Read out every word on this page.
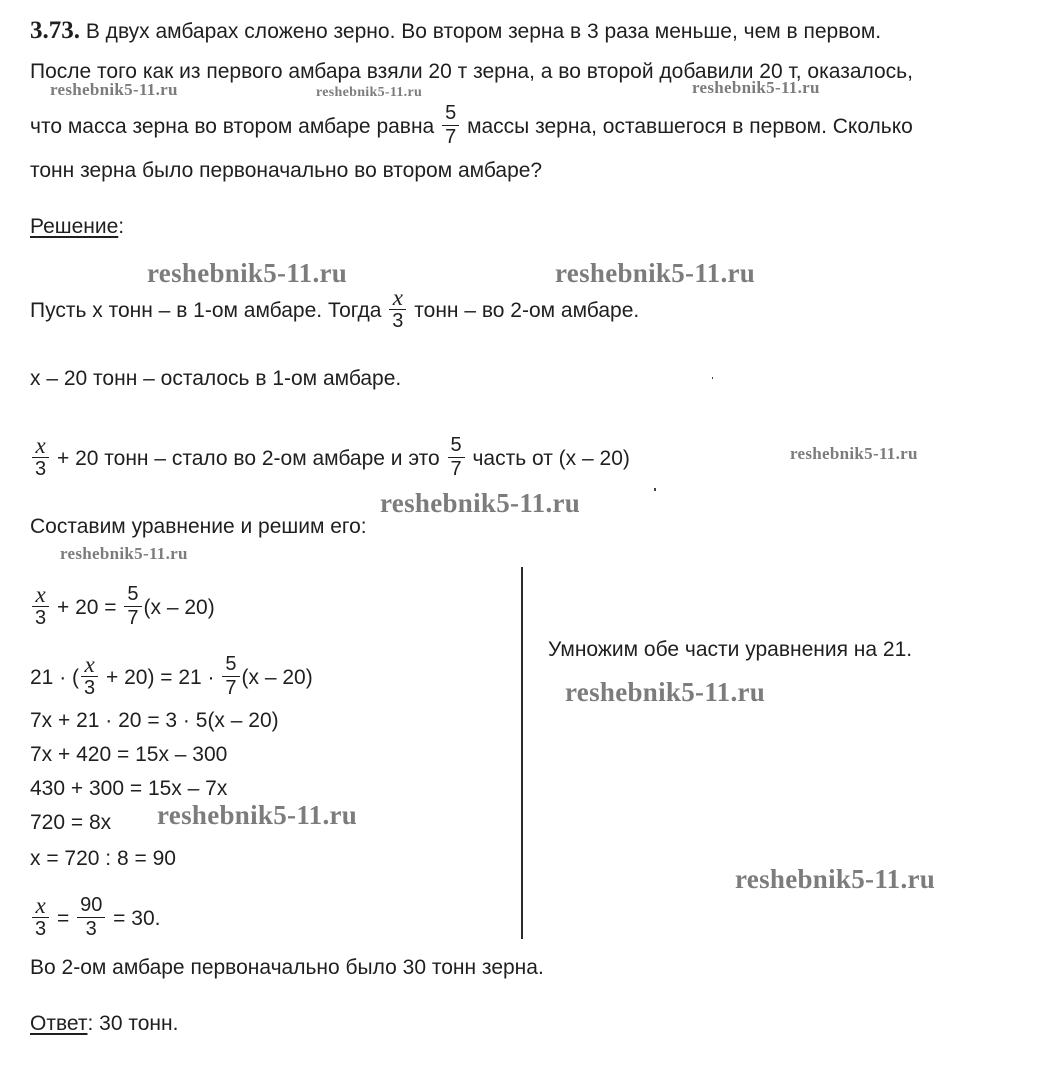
3.73. В двух амбарах сложено зерно. Во втором зерна в 3 раза меньше, чем в первом.
После того как из первого амбара взяли 20 т зерна, а во второй добавили 20 т, оказалось,
что масса зерна во втором амбаре равна $\frac{5}{7}$ массы зерна, оставшегося в первом. Сколько
тонн зерна было первоначально во втором амбаре?
Решение:
Пусть x тонн – в 1-ом амбаре. Тогда $\frac{x}{3}$ тонн – во 2-ом амбаре.
x – 20 тонн – осталось в 1-ом амбаре.
$\frac{x}{3} + 20$ тонн – стало во 2-ом амбаре и это $\frac{5}{7}$ часть от (x – 20)
Составим уравнение и решим его:
$\frac{x}{3} + 20 = \frac{5}{7} (x - 20)$
21 · ( $\frac{x}{3} + 20) = 21 \cdot \frac{5}{7} (x - 20)$
7x + 21 · 20 = 3 · 5(x – 20)
7x + 420 = 15x – 300
430 + 300 = 15x – 7x
720 = 8x
x = 720 : 8 = 90
$\frac{x}{3} = \frac{90}{3} = 30$.
Умножим обе части уравнения на 21.
Во 2-ом амбаре первоначально было 30 тонн зерна.
Ответ: 30 тонн.
reshebnik5-11.ru	reshebnik5-11.ru	reshebnik5-11.ru
reshebnik5-11.ru	reshebnik5-11.ru
reshebnik5-11.ru
reshebnik5-11.ru
reshebnik5-11.ru
reshebnik5-11.ru
reshebnik5-11.ru
reshebnik5-11.ru
